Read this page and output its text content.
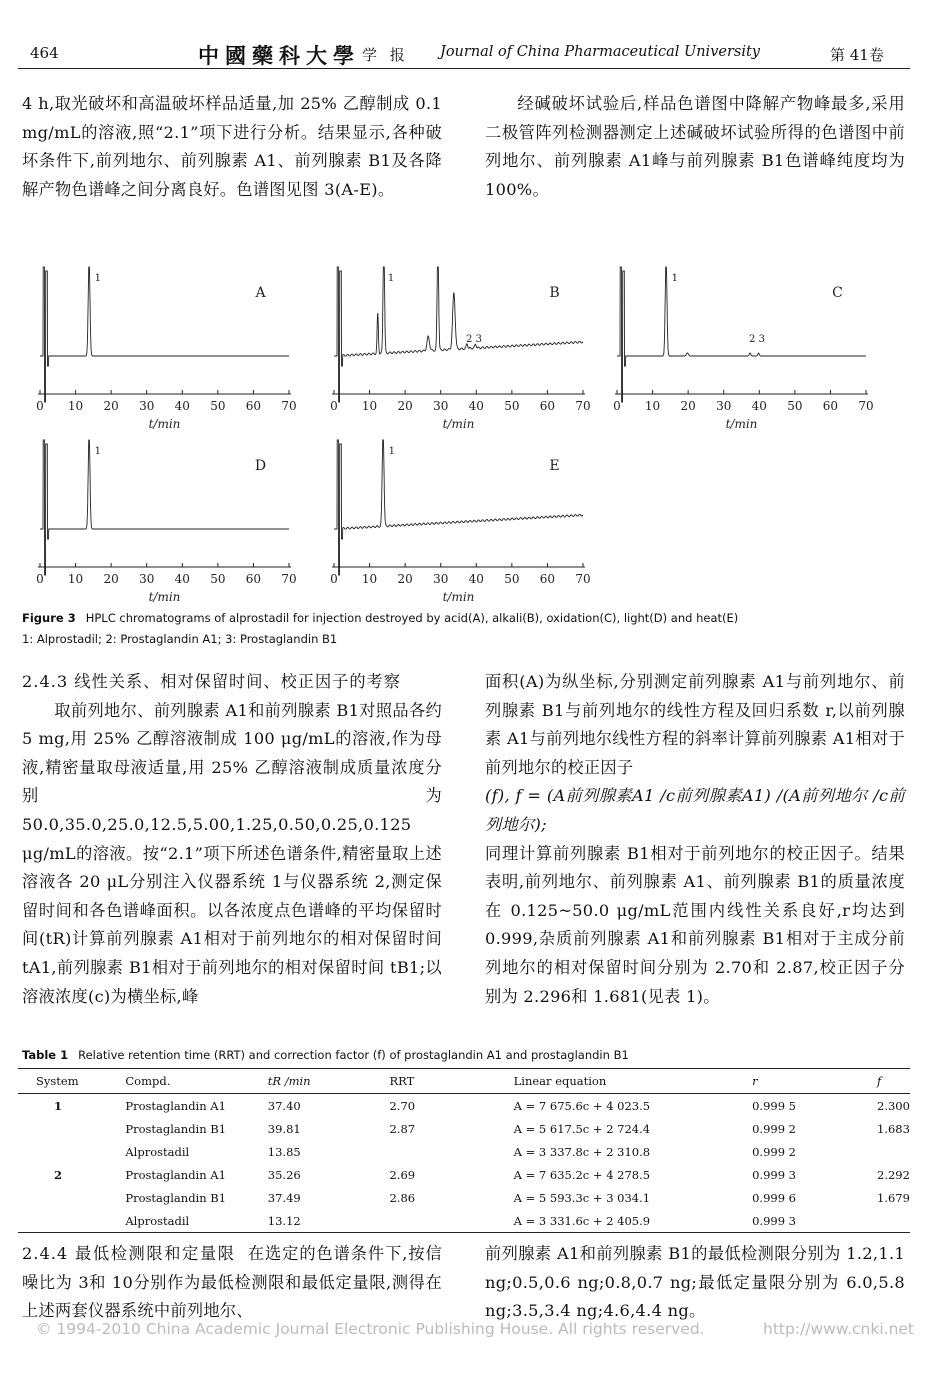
464	中國藥科大學 学 报 Journal of China Pharmaceutical University	第 41卷

4 h,取光破坏和高温破坏样品适量,加 25% 乙醇制成 0.1 mg/mL的溶液,照“2.1”项下进行分析。结果显示,各种破坏条件下,前列地尔、前列腺素 A1、前列腺素 B1及各降解产物色谱峰之间分离良好。色谱图见图 3(A-E)。

经碱破坏试验后,样品色谱图中降解产物峰最多,采用二极管阵列检测器测定上述碱破坏试验所得的色谱图中前列地尔、前列腺素 A1峰与前列腺素 B1色谱峰纯度均为 100%。

0 10 20 30 40 50 60 70
t/min
A
1
0 10 20 30 40 50 60 70
t/min
B
1
2 3
0 10 20 30 40 50 60 70
t/min
C
1
2 3
0 10 20 30 40 50 60 70
t/min
D
1
0 10 20 30 40 50 60 70
t/min
E
1
Figure 3 HPLC chromatograms of alprostadil for injection destroyed by acid(A), alkali(B), oxidation(C), light(D) and heat(E)
1: Alprostadil; 2: Prostaglandin A1; 3: Prostaglandin B1

2.4.3 线性关系、相对保留时间、校正因子的考察

取前列地尔、前列腺素 A1和前列腺素 B1对照品各约 5 mg,用 25% 乙醇溶液制成 100 μg/mL的溶液,作为母液,精密量取母液适量,用 25% 乙醇溶液制成质量浓度分别为 50.0,35.0,25.0,12.5,5.00,1.25,0.50,0.25,0.125 μg/mL的溶液。按“2.1”项下所述色谱条件,精密量取上述溶液各 20 μL分别注入仪器系统 1与仪器系统 2,测定保留时间和各色谱峰面积。以各浓度点色谱峰的平均保留时间(tR)计算前列腺素 A1相对于前列地尔的相对保留时间 tA1,前列腺素 B1相对于前列地尔的相对保留时间 tB1;以溶液浓度(c)为横坐标,峰

面积(A)为纵坐标,分别测定前列腺素 A1与前列地尔、前列腺素 B1与前列地尔的线性方程及回归系数 r,以前列腺素 A1与前列地尔线性方程的斜率计算前列腺素 A1相对于前列地尔的校正因子

(f), f = (A前列腺素A1 /c前列腺素A1) /(A前列地尔 /c前列地尔);

同理计算前列腺素 B1相对于前列地尔的校正因子。结果表明,前列地尔、前列腺素 A1、前列腺素 B1的质量浓度在 0.125~50.0 μg/mL范围内线性关系良好,r均达到 0.999,杂质前列腺素 A1和前列腺素 B1相对于主成分前列地尔的相对保留时间分别为 2.70和 2.87,校正因子分别为 2.296和 1.681(见表 1)。

Table 1 Relative retention time (RRT) and correction factor (f) of prostaglandin A1 and prostaglandin B1
System	Compd.	tR /min	RRT	Linear equation	r	f
1	Prostaglandin A1	37.40	2.70	A = 7 675.6c + 4 023.5	0.999 5	2.300
	Prostaglandin B1	39.81	2.87	A = 5 617.5c + 2 724.4	0.999 2	1.683
	Alprostadil	13.85		A = 3 337.8c + 2 310.8	0.999 2	
2	Prostaglandin A1	35.26	2.69	A = 7 635.2c + 4 278.5	0.999 3	2.292
	Prostaglandin B1	37.49	2.86	A = 5 593.3c + 3 034.1	0.999 6	1.679
	Alprostadil	13.12		A = 3 331.6c + 2 405.9	0.999 3	

2.4.4 最低检测限和定量限 在选定的色谱条件下,按信噪比为 3和 10分别作为最低检测限和最低定量限,测得在上述两套仪器系统中前列地尔、

前列腺素 A1和前列腺素 B1的最低检测限分别为 1.2,1.1 ng;0.5,0.6 ng;0.8,0.7 ng;最低定量限分别为 6.0,5.8 ng;3.5,3.4 ng;4.6,4.4 ng。

© 1994-2010 China Academic Journal Electronic Publishing House. All rights reserved.	http://www.cnki.net
